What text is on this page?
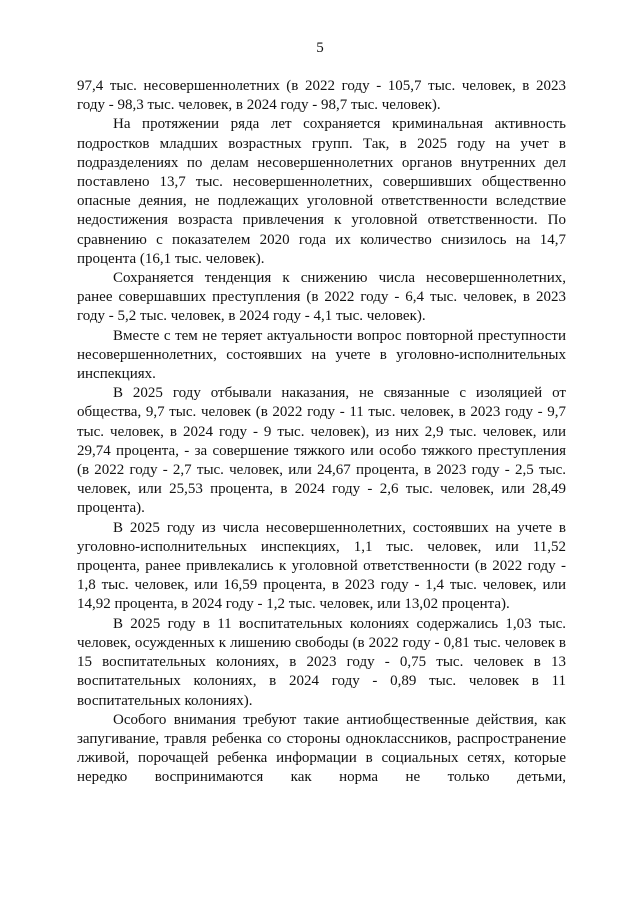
5

97,4 тыс. несовершеннолетних (в 2022 году - 105,7 тыс. человек, в 2023 году - 98,3 тыс. человек, в 2024 году - 98,7 тыс. человек).

На протяжении ряда лет сохраняется криминальная активность подростков младших возрастных групп. Так, в 2025 году на учет в подразделениях по делам несовершеннолетних органов внутренних дел поставлено 13,7 тыс. несовершеннолетних, совершивших общественно опасные деяния, не подлежащих уголовной ответственности вследствие недостижения возраста привлечения к уголовной ответственности. По сравнению с показателем 2020 года их количество снизилось на 14,7 процента (16,1 тыс. человек).

Сохраняется тенденция к снижению числа несовершеннолетних, ранее совершавших преступления (в 2022 году - 6,4 тыс. человек, в 2023 году - 5,2 тыс. человек, в 2024 году - 4,1 тыс. человек).

Вместе с тем не теряет актуальности вопрос повторной преступности несовершеннолетних, состоявших на учете в уголовно-исполнительных инспекциях.

В 2025 году отбывали наказания, не связанные с изоляцией от общества, 9,7 тыс. человек (в 2022 году - 11 тыс. человек, в 2023 году - 9,7 тыс. человек, в 2024 году - 9 тыс. человек), из них 2,9 тыс. человек, или 29,74 процента, - за совершение тяжкого или особо тяжкого преступления (в 2022 году - 2,7 тыс. человек, или 24,67 процента, в 2023 году - 2,5 тыс. человек, или 25,53 процента, в 2024 году - 2,6 тыс. человек, или 28,49 процента).

В 2025 году из числа несовершеннолетних, состоявших на учете в уголовно-исполнительных инспекциях, 1,1 тыс. человек, или 11,52 процента, ранее привлекались к уголовной ответственности (в 2022 году - 1,8 тыс. человек, или 16,59 процента, в 2023 году - 1,4 тыс. человек, или 14,92 процента, в 2024 году - 1,2 тыс. человек, или 13,02 процента).

В 2025 году в 11 воспитательных колониях содержались 1,03 тыс. человек, осужденных к лишению свободы (в 2022 году - 0,81 тыс. человек в 15 воспитательных колониях, в 2023 году - 0,75 тыс. человек в 13 воспитательных колониях, в 2024 году - 0,89 тыс. человек в 11 воспитательных колониях).

Особого внимания требуют такие антиобщественные действия, как запугивание, травля ребенка со стороны одноклассников, распространение лживой, порочащей ребенка информации в социальных сетях, которые нередко воспринимаются как норма не только детьми,
